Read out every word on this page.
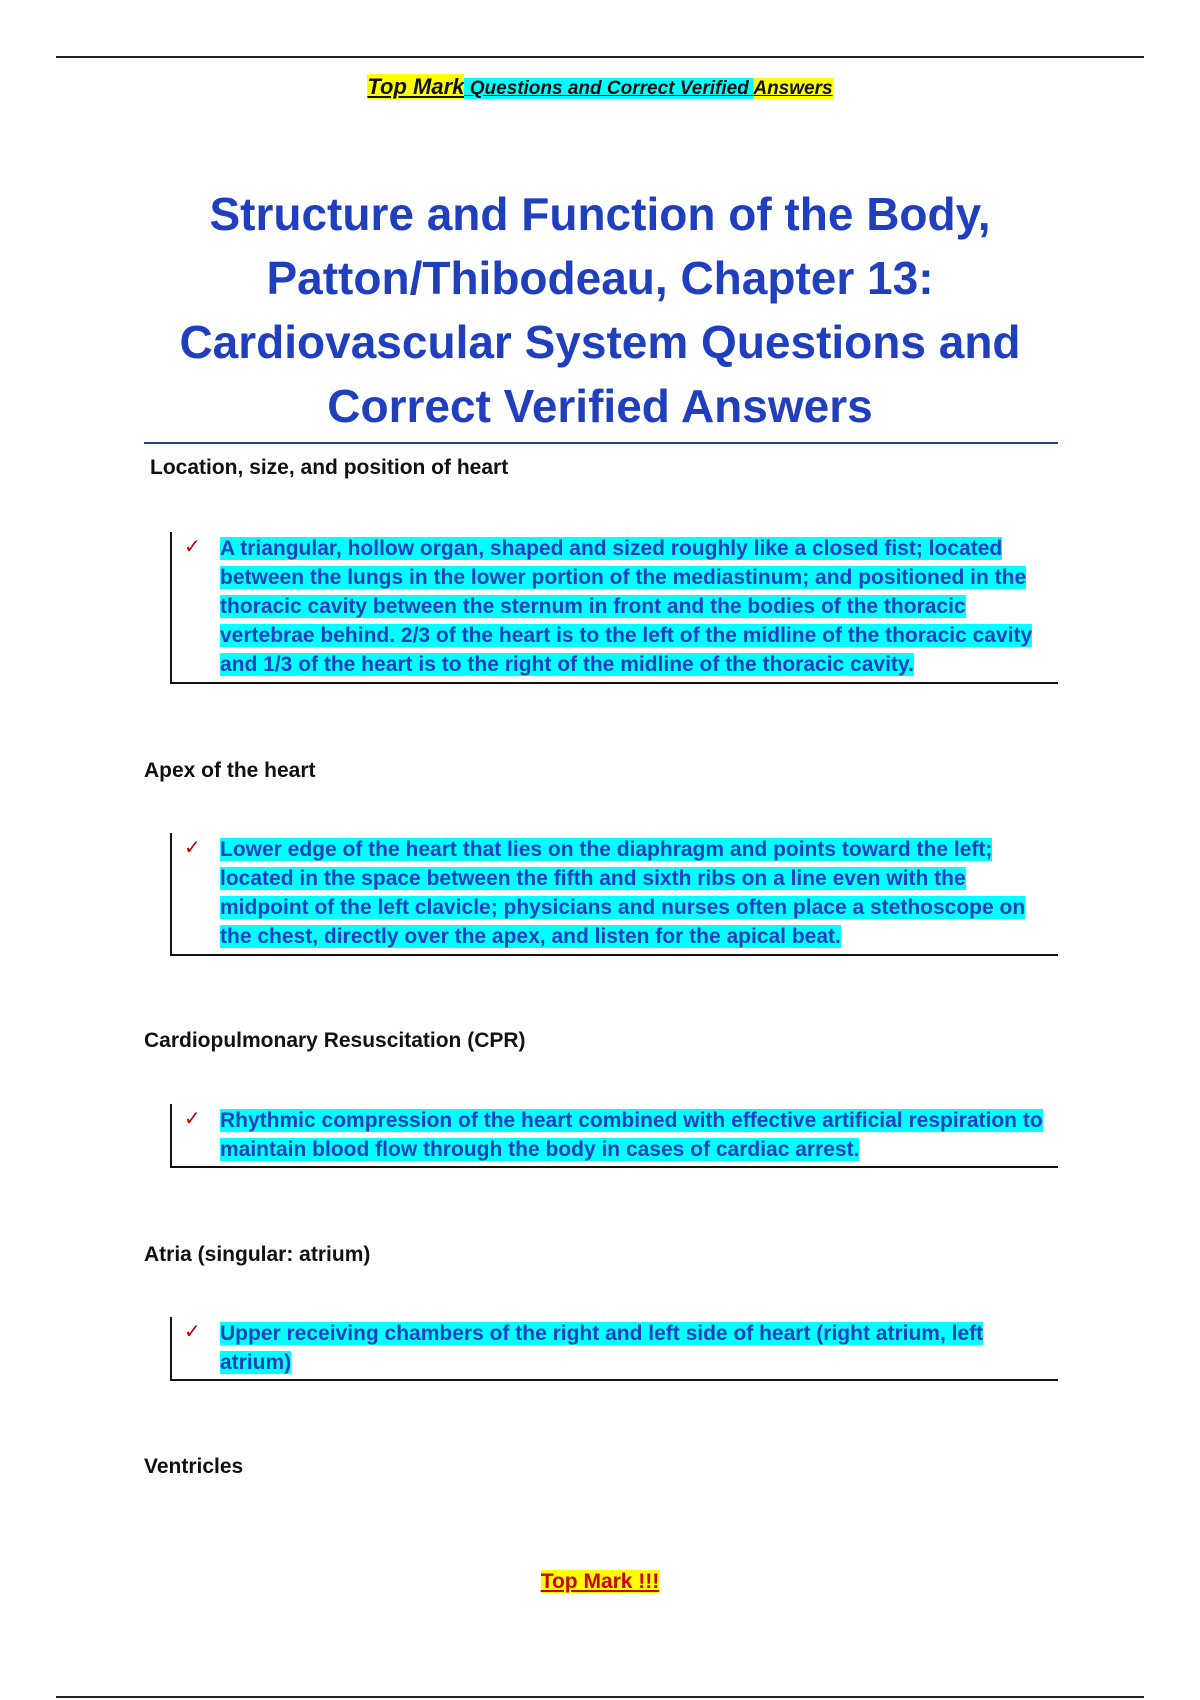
Top Mark Questions and Correct Verified Answers
Structure and Function of the Body, Patton/Thibodeau, Chapter 13: Cardiovascular System Questions and Correct Verified Answers

Location, size, and position of heart

✓ A triangular, hollow organ, shaped and sized roughly like a closed fist; located between the lungs in the lower portion of the mediastinum; and positioned in the thoracic cavity between the sternum in front and the bodies of the thoracic vertebrae behind. 2/3 of the heart is to the left of the midline of the thoracic cavity and 1/3 of the heart is to the right of the midline of the thoracic cavity.

Apex of the heart

✓ Lower edge of the heart that lies on the diaphragm and points toward the left; located in the space between the fifth and sixth ribs on a line even with the midpoint of the left clavicle; physicians and nurses often place a stethoscope on the chest, directly over the apex, and listen for the apical beat.

Cardiopulmonary Resuscitation (CPR)

✓ Rhythmic compression of the heart combined with effective artificial respiration to maintain blood flow through the body in cases of cardiac arrest.

Atria (singular: atrium)

✓ Upper receiving chambers of the right and left side of heart (right atrium, left atrium)

Ventricles

Top Mark !!!
